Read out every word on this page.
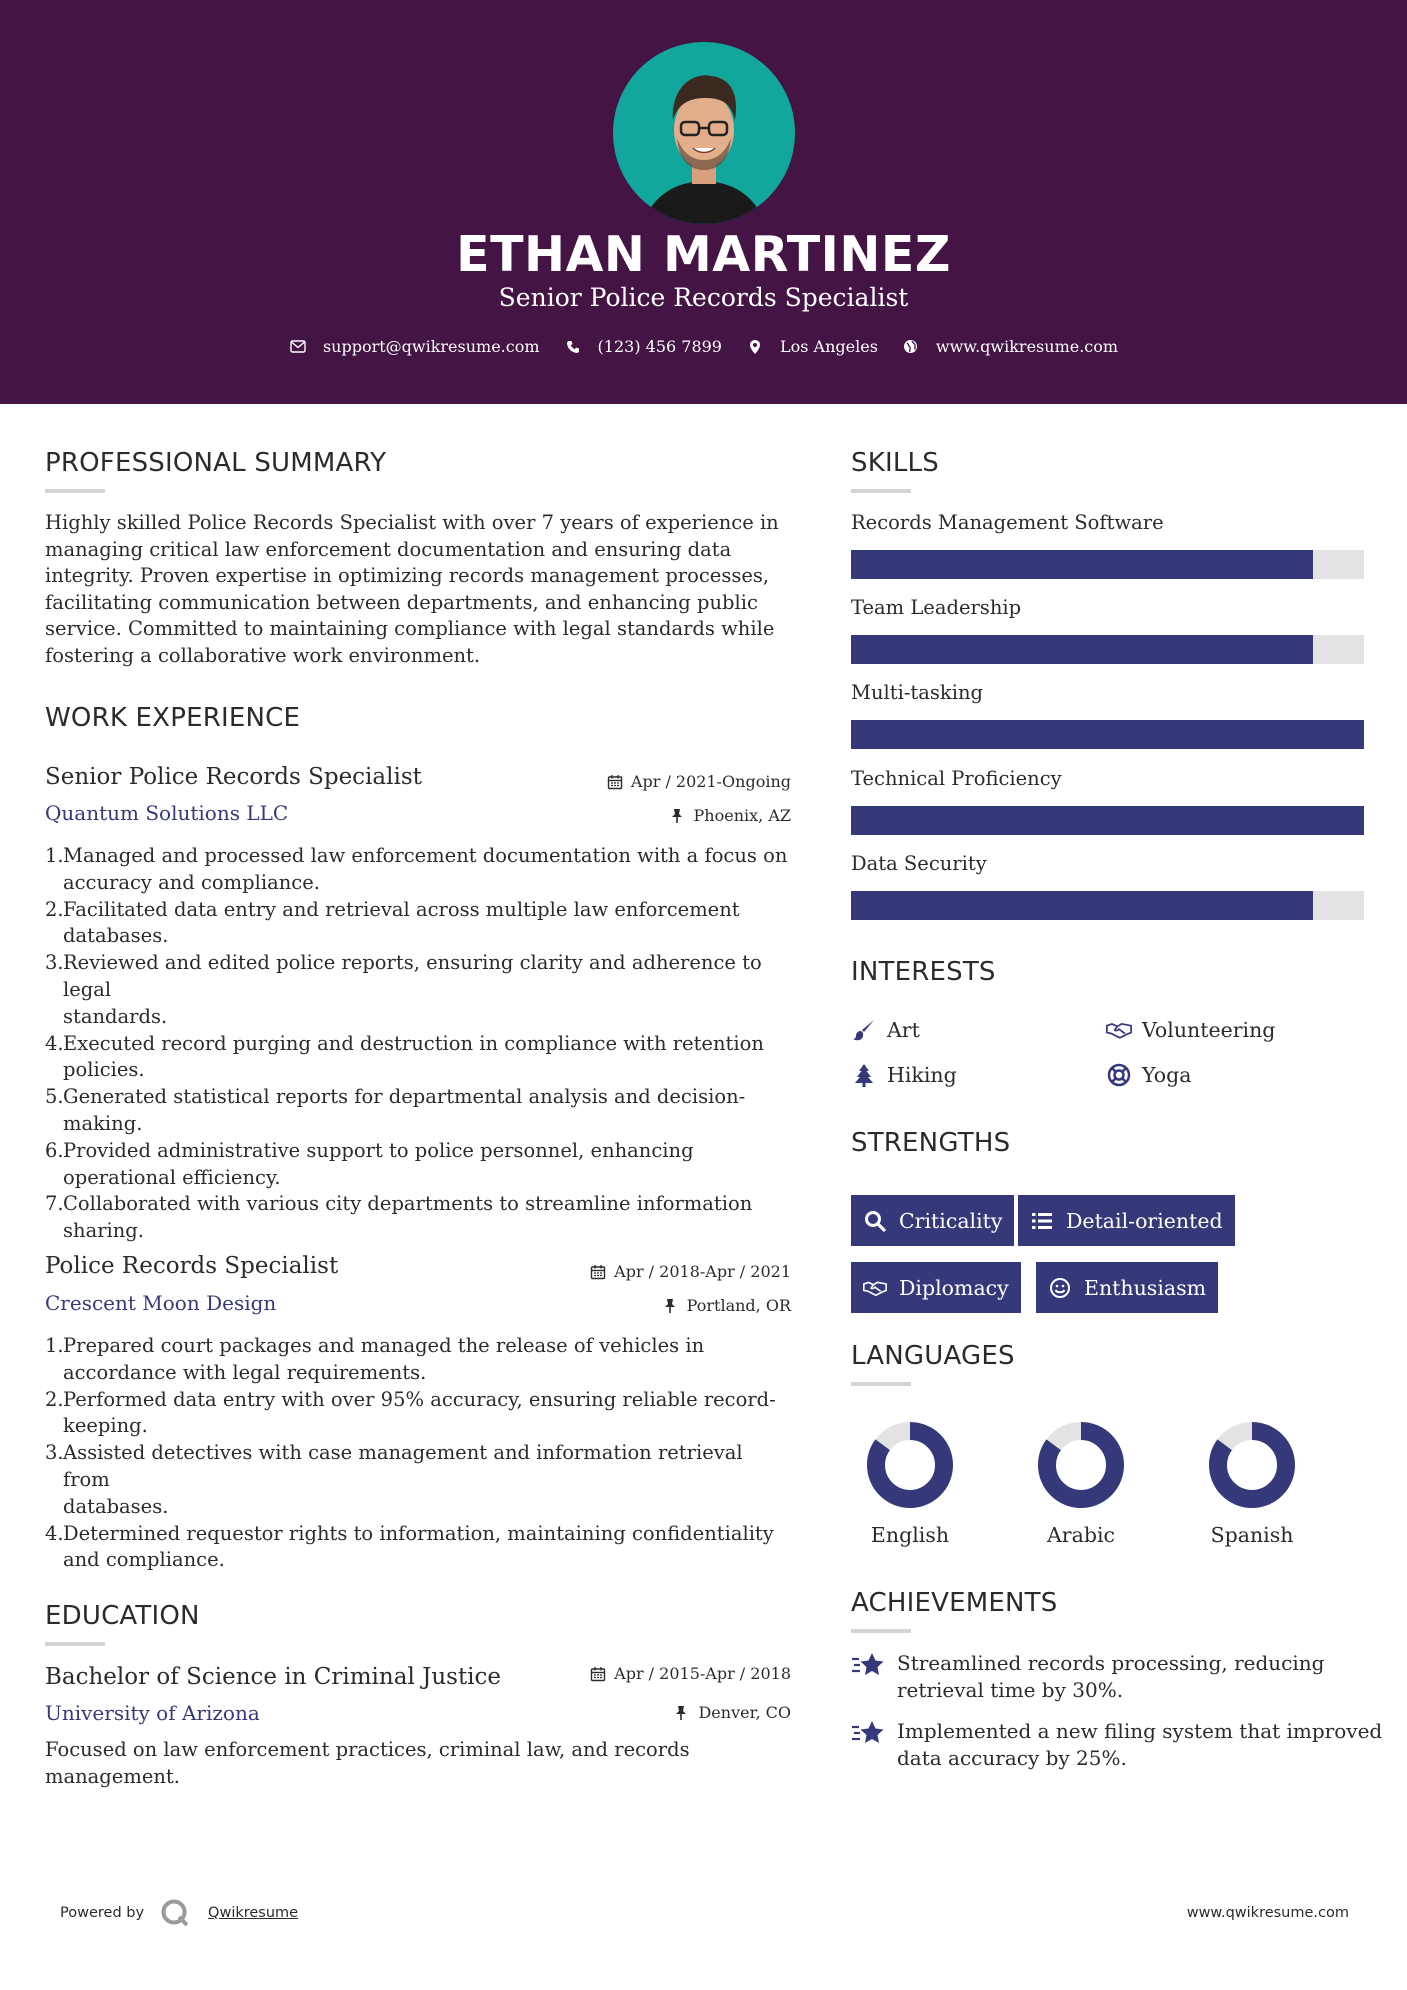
ETHAN MARTINEZ
Senior Police Records Specialist
support@qwikresume.com	(123) 456 7899	Los Angeles	www.qwikresume.com
PROFESSIONAL SUMMARY
Highly skilled Police Records Specialist with over 7 years of experience in
managing critical law enforcement documentation and ensuring data
integrity. Proven expertise in optimizing records management processes,
facilitating communication between departments, and enhancing public
service. Committed to maintaining compliance with legal standards while
fostering a collaborative work environment.
WORK EXPERIENCE
Senior Police Records Specialist
Quantum Solutions LLC
Apr / 2021-Ongoing
Phoenix, AZ
1. Managed and processed law enforcement documentation with a focus on
accuracy and compliance.
2. Facilitated data entry and retrieval across multiple law enforcement
databases.
3. Reviewed and edited police reports, ensuring clarity and adherence to legal
standards.
4. Executed record purging and destruction in compliance with retention
policies.
5. Generated statistical reports for departmental analysis and decision-
making.
6. Provided administrative support to police personnel, enhancing
operational efficiency.
7. Collaborated with various city departments to streamline information
sharing.
Police Records Specialist
Crescent Moon Design
Apr / 2018-Apr / 2021
Portland, OR
1. Prepared court packages and managed the release of vehicles in
accordance with legal requirements.
2. Performed data entry with over 95% accuracy, ensuring reliable record-
keeping.
3. Assisted detectives with case management and information retrieval from
databases.
4. Determined requestor rights to information, maintaining confidentiality
and compliance.
EDUCATION
Bachelor of Science in Criminal Justice
University of Arizona
Apr / 2015-Apr / 2018
Denver, CO
Focused on law enforcement practices, criminal law, and records
management.
SKILLS
Records Management Software
Team Leadership
Multi-tasking
Technical Proficiency
Data Security
INTERESTS
Art	Volunteering
Hiking	Yoga
STRENGTHS
Criticality	Detail-oriented
Diplomacy	Enthusiasm
LANGUAGES
English	Arabic	Spanish
ACHIEVEMENTS
Streamlined records processing, reducing
retrieval time by 30%.
Implemented a new filing system that improved
data accuracy by 25%.
Powered by	Qwikresume	www.qwikresume.com
